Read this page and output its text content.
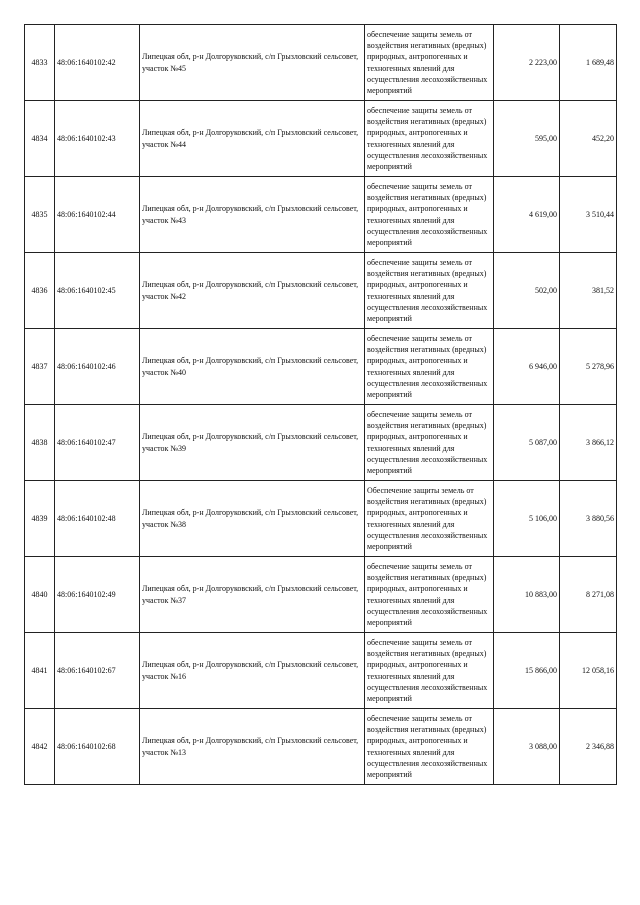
4833	48:06:1640102:42	Липецкая обл, р-н Долгоруковский, с/п Грызловский сельсовет, участок №45	обеспечение защиты земель от воздействия негативных (вредных) природных, антропогенных и техногенных явлений для осуществления лесохозяйственных мероприятий	2 223,00	1 689,48
4834	48:06:1640102:43	Липецкая обл, р-н Долгоруковский, с/п Грызловский сельсовет, участок №44	обеспечение защиты земель от воздействия негативных (вредных) природных, антропогенных и техногенных явлений для осуществления лесохозяйственных мероприятий	595,00	452,20
4835	48:06:1640102:44	Липецкая обл, р-н Долгоруковский, с/п Грызловский сельсовет, участок №43	обеспечение защиты земель от воздействия негативных (вредных) природных, антропогенных и техногенных явлений для осуществления лесохозяйственных мероприятий	4 619,00	3 510,44
4836	48:06:1640102:45	Липецкая обл, р-н Долгоруковский, с/п Грызловский сельсовет, участок №42	обеспечение защиты земель от воздействия негативных (вредных) природных, антропогенных и техногенных явлений для осуществления лесохозяйственных мероприятий	502,00	381,52
4837	48:06:1640102:46	Липецкая обл, р-н Долгоруковский, с/п Грызловский сельсовет, участок №40	обеспечение защиты земель от воздействия негативных (вредных) природных, антропогенных и техногенных явлений для осуществления лесохозяйственных мероприятий	6 946,00	5 278,96
4838	48:06:1640102:47	Липецкая обл, р-н Долгоруковский, с/п Грызловский сельсовет, участок №39	обеспечение защиты земель от воздействия негативных (вредных) природных, антропогенных и техногенных явлений для осуществления лесохозяйственных мероприятий	5 087,00	3 866,12
4839	48:06:1640102:48	Липецкая обл, р-н Долгоруковский, с/п Грызловский сельсовет, участок №38	Обеспечение защиты земель от воздействия негативных (вредных) природных, антропогенных и техногенных явлений для осуществления лесохозяйственных мероприятий	5 106,00	3 880,56
4840	48:06:1640102:49	Липецкая обл, р-н Долгоруковский, с/п Грызловский сельсовет, участок №37	обеспечение защиты земель от воздействия негативных (вредных) природных, антропогенных и техногенных явлений для осуществления лесохозяйственных мероприятий	10 883,00	8 271,08
4841	48:06:1640102:67	Липецкая обл, р-н Долгоруковский, с/п Грызловский сельсовет, участок №16	обеспечение защиты земель от воздействия негативных (вредных) природных, антропогенных и техногенных явлений для осуществления лесохозяйственных мероприятий	15 866,00	12 058,16
4842	48:06:1640102:68	Липецкая обл, р-н Долгоруковский, с/п Грызловский сельсовет, участок №13	обеспечение защиты земель от воздействия негативных (вредных) природных, антропогенных и техногенных явлений для осуществления лесохозяйственных мероприятий	3 088,00	2 346,88
